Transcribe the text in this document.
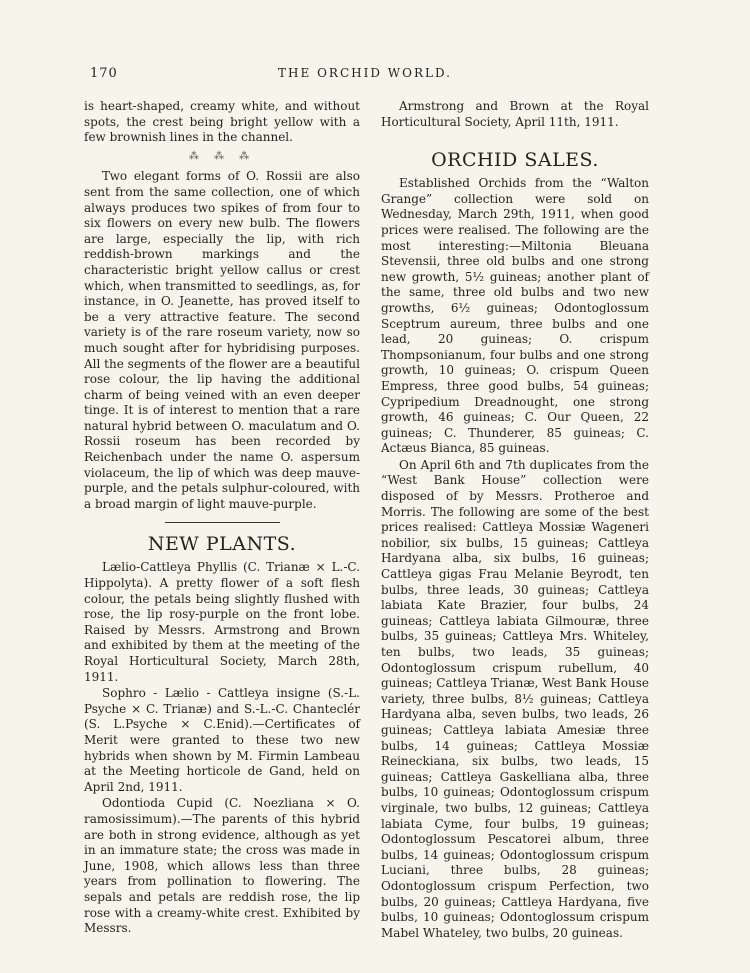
170	THE ORCHID WORLD.

is heart-shaped, creamy white, and without spots, the crest being bright yellow with a few brownish lines in the channel.

⁂ ⁂ ⁂

Two elegant forms of O. Rossii are also sent from the same collection, one of which always produces two spikes of from four to six flowers on every new bulb. The flowers are large, especially the lip, with rich reddish-brown markings and the characteristic bright yellow callus or crest which, when transmitted to seedlings, as, for instance, in O. Jeanette, has proved itself to be a very attractive feature. The second variety is of the rare roseum variety, now so much sought after for hybridising purposes. All the segments of the flower are a beautiful rose colour, the lip having the additional charm of being veined with an even deeper tinge. It is of interest to mention that a rare natural hybrid between O. maculatum and O. Rossii roseum has been recorded by Reichenbach under the name O. aspersum violaceum, the lip of which was deep mauve-purple, and the petals sulphur-coloured, with a broad margin of light mauve-purple.

NEW PLANTS.

Lælio-Cattleya Phyllis (C. Trianæ × L.-C. Hippolyta). A pretty flower of a soft flesh colour, the petals being slightly flushed with rose, the lip rosy-purple on the front lobe. Raised by Messrs. Armstrong and Brown and exhibited by them at the meeting of the Royal Horticultural Society, March 28th, 1911.

Sophro - Lælio - Cattleya insigne (S.-L. Psyche × C. Trianæ) and S.-L.-C. Chanteclér (S. L.Psyche × C.Enid).—Certificates of Merit were granted to these two new hybrids when shown by M. Firmin Lambeau at the Meeting horticole de Gand, held on April 2nd, 1911.

Odontioda Cupid (C. Noezliana × O. ramosissimum).—The parents of this hybrid are both in strong evidence, although as yet in an immature state; the cross was made in June, 1908, which allows less than three years from pollination to flowering. The sepals and petals are reddish rose, the lip rose with a creamy-white crest. Exhibited by Messrs.

Armstrong and Brown at the Royal Horticultural Society, April 11th, 1911.

ORCHID SALES.

Established Orchids from the “Walton Grange” collection were sold on Wednesday, March 29th, 1911, when good prices were realised. The following are the most interesting:—Miltonia Bleuana Stevensii, three old bulbs and one strong new growth, 5½ guineas; another plant of the same, three old bulbs and two new growths, 6½ guineas; Odontoglossum Sceptrum aureum, three bulbs and one lead, 20 guineas; O. crispum Thompsonianum, four bulbs and one strong growth, 10 guineas; O. crispum Queen Empress, three good bulbs, 54 guineas; Cypripedium Dreadnought, one strong growth, 46 guineas; C. Our Queen, 22 guineas; C. Thunderer, 85 guineas; C. Actæus Bianca, 85 guineas.

On April 6th and 7th duplicates from the “West Bank House” collection were disposed of by Messrs. Protheroe and Morris. The following are some of the best prices realised: Cattleya Mossiæ Wageneri nobilior, six bulbs, 15 guineas; Cattleya Hardyana alba, six bulbs, 16 guineas; Cattleya gigas Frau Melanie Beyrodt, ten bulbs, three leads, 30 guineas; Cattleya labiata Kate Brazier, four bulbs, 24 guineas; Cattleya labiata Gilmouræ, three bulbs, 35 guineas; Cattleya Mrs. Whiteley, ten bulbs, two leads, 35 guineas; Odontoglossum crispum rubellum, 40 guineas; Cattleya Trianæ, West Bank House variety, three bulbs, 8½ guineas; Cattleya Hardyana alba, seven bulbs, two leads, 26 guineas; Cattleya labiata Amesiæ three bulbs, 14 guineas; Cattleya Mossiæ Reineckiana, six bulbs, two leads, 15 guineas; Cattleya Gaskelliana alba, three bulbs, 10 guineas; Odontoglossum crispum virginale, two bulbs, 12 guineas; Cattleya labiata Cyme, four bulbs, 19 guineas; Odontoglossum Pescatorei album, three bulbs, 14 guineas; Odontoglossum crispum Luciani, three bulbs, 28 guineas; Odontoglossum crispum Perfection, two bulbs, 20 guineas; Cattleya Hardyana, five bulbs, 10 guineas; Odontoglossum crispum Mabel Whateley, two bulbs, 20 guineas.
